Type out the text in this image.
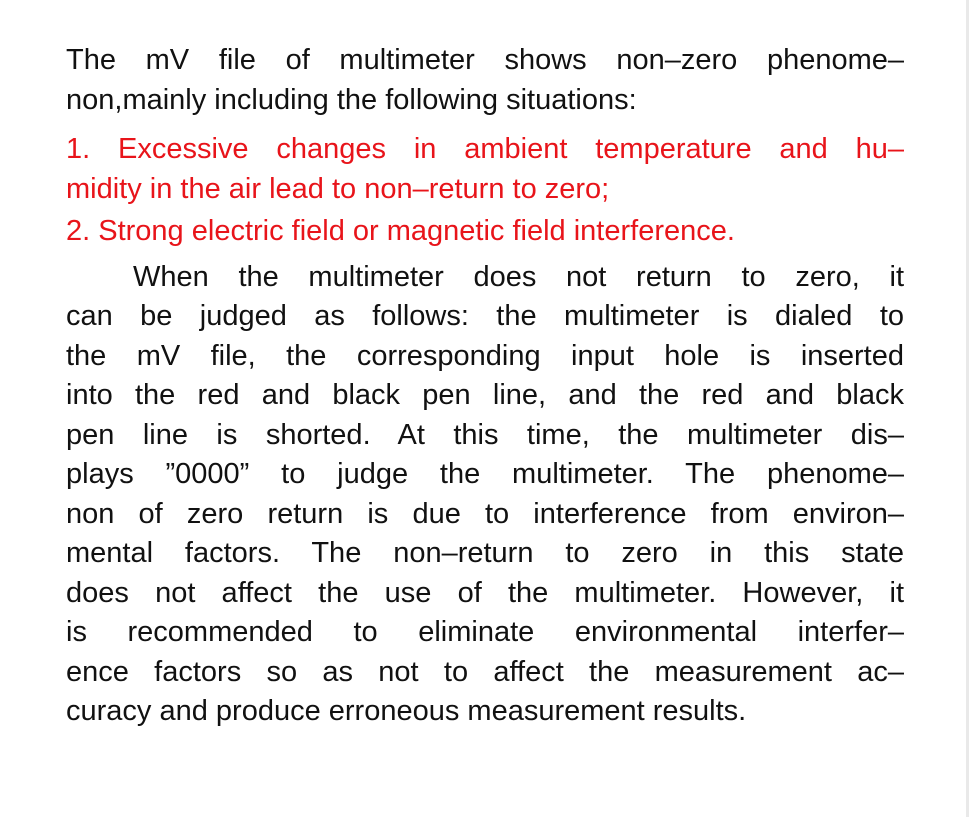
The mV file of multimeter shows non–zero phenome–
non,mainly including the following situations:
1. Excessive changes in ambient temperature and hu–
midity in the air lead to non–return to zero;
2. Strong electric field or magnetic field interference.
When the multimeter does not return to zero, it
can be judged as follows: the multimeter is dialed to
the mV file, the corresponding input hole is inserted
into the red and black pen line, and the red and black
pen line is shorted. At this time, the multimeter dis–
plays ”0000” to judge the multimeter. The phenome–
non of zero return is due to interference from environ–
mental factors. The non–return to zero in this state
does not affect the use of the multimeter. However, it
is recommended to eliminate environmental interfer–
ence factors so as not to affect the measurement ac–
curacy and produce erroneous measurement results.
